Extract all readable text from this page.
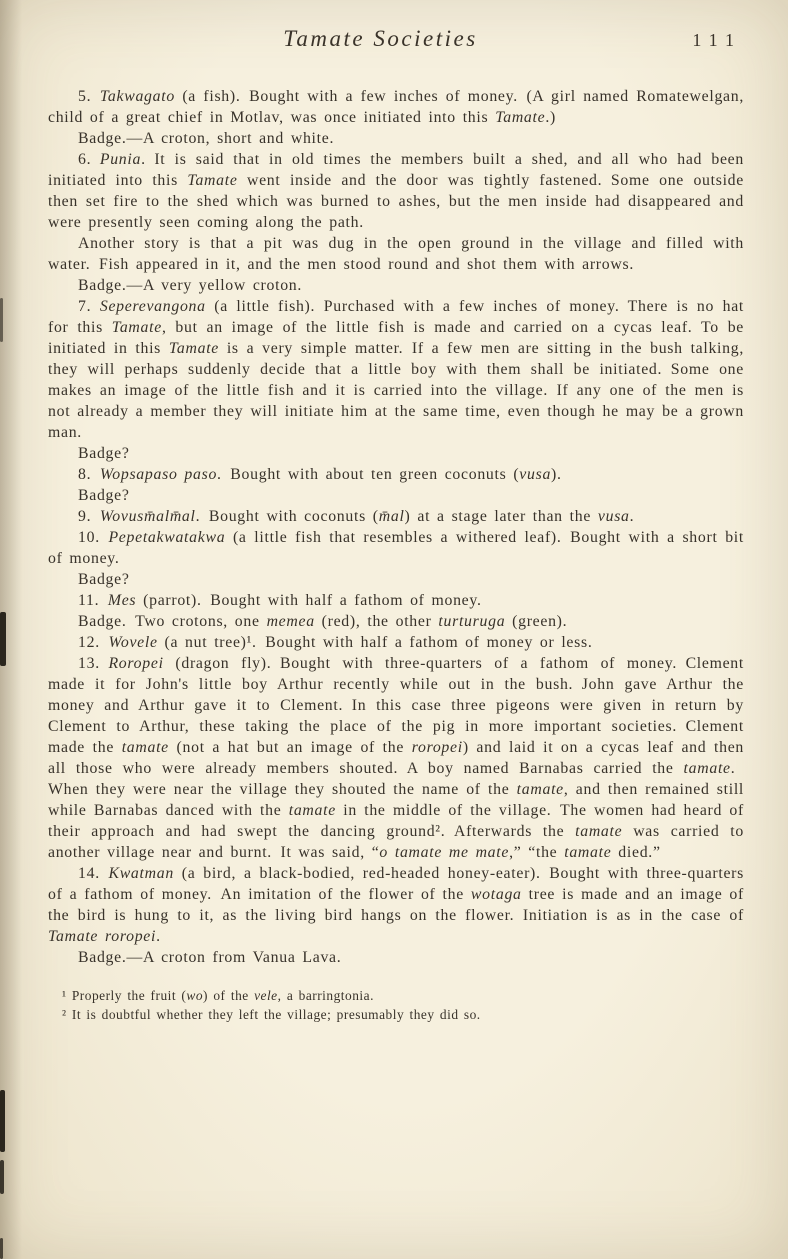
Tamate Societies	111

5. Takwagato (a fish). Bought with a few inches of money. (A girl named Romatewelgan, child of a great chief in Motlav, was once initiated into this Tamate.)

Badge.—A croton, short and white.

6. Punia. It is said that in old times the members built a shed, and all who had been initiated into this Tamate went inside and the door was tightly fastened. Some one outside then set fire to the shed which was burned to ashes, but the men inside had disappeared and were presently seen coming along the path.

Another story is that a pit was dug in the open ground in the village and filled with water. Fish appeared in it, and the men stood round and shot them with arrows.

Badge.—A very yellow croton.

7. Seperevangona (a little fish). Purchased with a few inches of money. There is no hat for this Tamate, but an image of the little fish is made and carried on a cycas leaf. To be initiated in this Tamate is a very simple matter. If a few men are sitting in the bush talking, they will perhaps suddenly decide that a little boy with them shall be initiated. Some one makes an image of the little fish and it is carried into the village. If any one of the men is not already a member they will initiate him at the same time, even though he may be a grown man.

Badge?

8. Wopsapaso paso. Bought with about ten green coconuts (vusa).

Badge?

9. Wovusm̄alm̄al. Bought with coconuts (m̄al) at a stage later than the vusa.

10. Pepetakwatakwa (a little fish that resembles a withered leaf). Bought with a short bit of money.

Badge?

11. Mes (parrot). Bought with half a fathom of money.

Badge. Two crotons, one memea (red), the other turturuga (green).

12. Wovele (a nut tree)¹. Bought with half a fathom of money or less.

13. Roropei (dragon fly). Bought with three-quarters of a fathom of money. Clement made it for John's little boy Arthur recently while out in the bush. John gave Arthur the money and Arthur gave it to Clement. In this case three pigeons were given in return by Clement to Arthur, these taking the place of the pig in more important societies. Clement made the tamate (not a hat but an image of the roropei) and laid it on a cycas leaf and then all those who were already members shouted. A boy named Barnabas carried the tamate. When they were near the village they shouted the name of the tamate, and then remained still while Barnabas danced with the tamate in the middle of the village. The women had heard of their approach and had swept the dancing ground². Afterwards the tamate was carried to another village near and burnt. It was said, “o tamate me mate,” “the tamate died.”

14. Kwatman (a bird, a black-bodied, red-headed honey-eater). Bought with three-quarters of a fathom of money. An imitation of the flower of the wotaga tree is made and an image of the bird is hung to it, as the living bird hangs on the flower. Initiation is as in the case of Tamate roropei.

Badge.—A croton from Vanua Lava.

¹ Properly the fruit (wo) of the vele, a barringtonia.

² It is doubtful whether they left the village; presumably they did so.
